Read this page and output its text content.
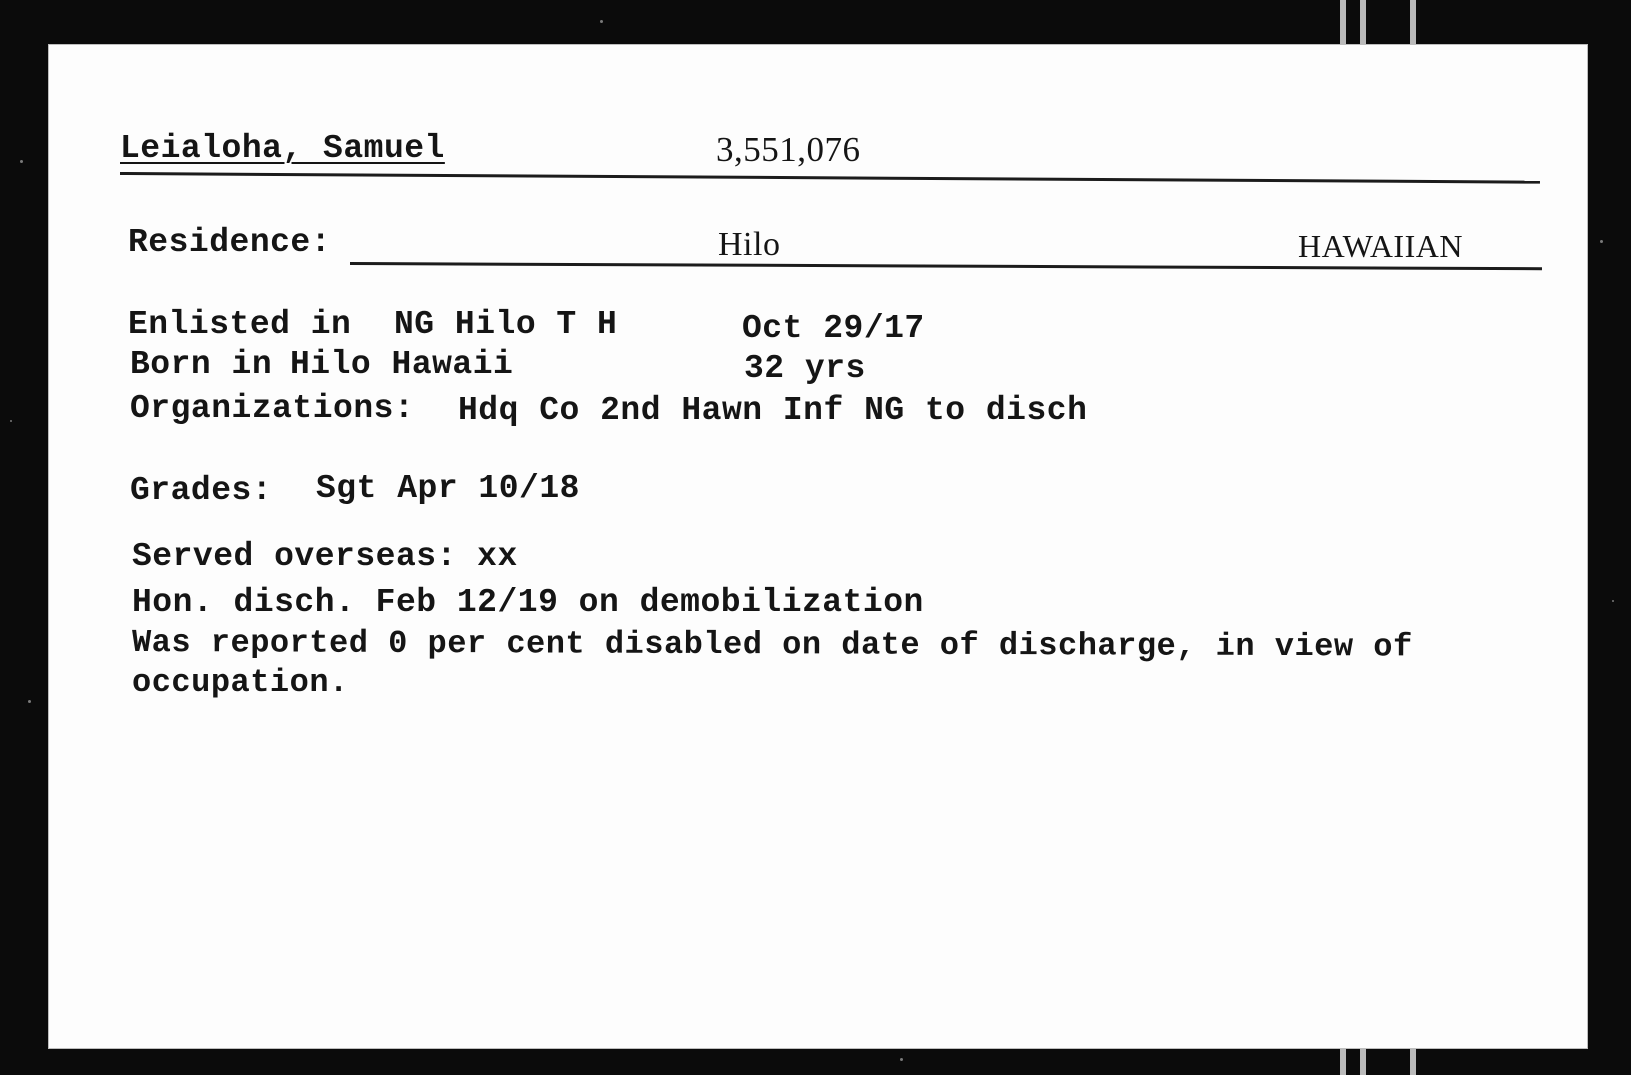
Leialoha, Samuel	3,551,076
Residence:	Hilo	HAWAIIAN
Enlisted in NG Hilo T H	Oct 29/17
Born in Hilo Hawaii	32 yrs
Organizations: Hdq Co 2nd Hawn Inf NG to disch
Grades: Sgt Apr 10/18
Served overseas: xx
Hon. disch. Feb 12/19 on demobilization
Was reported 0 per cent disabled on date of discharge, in view of
occupation.
